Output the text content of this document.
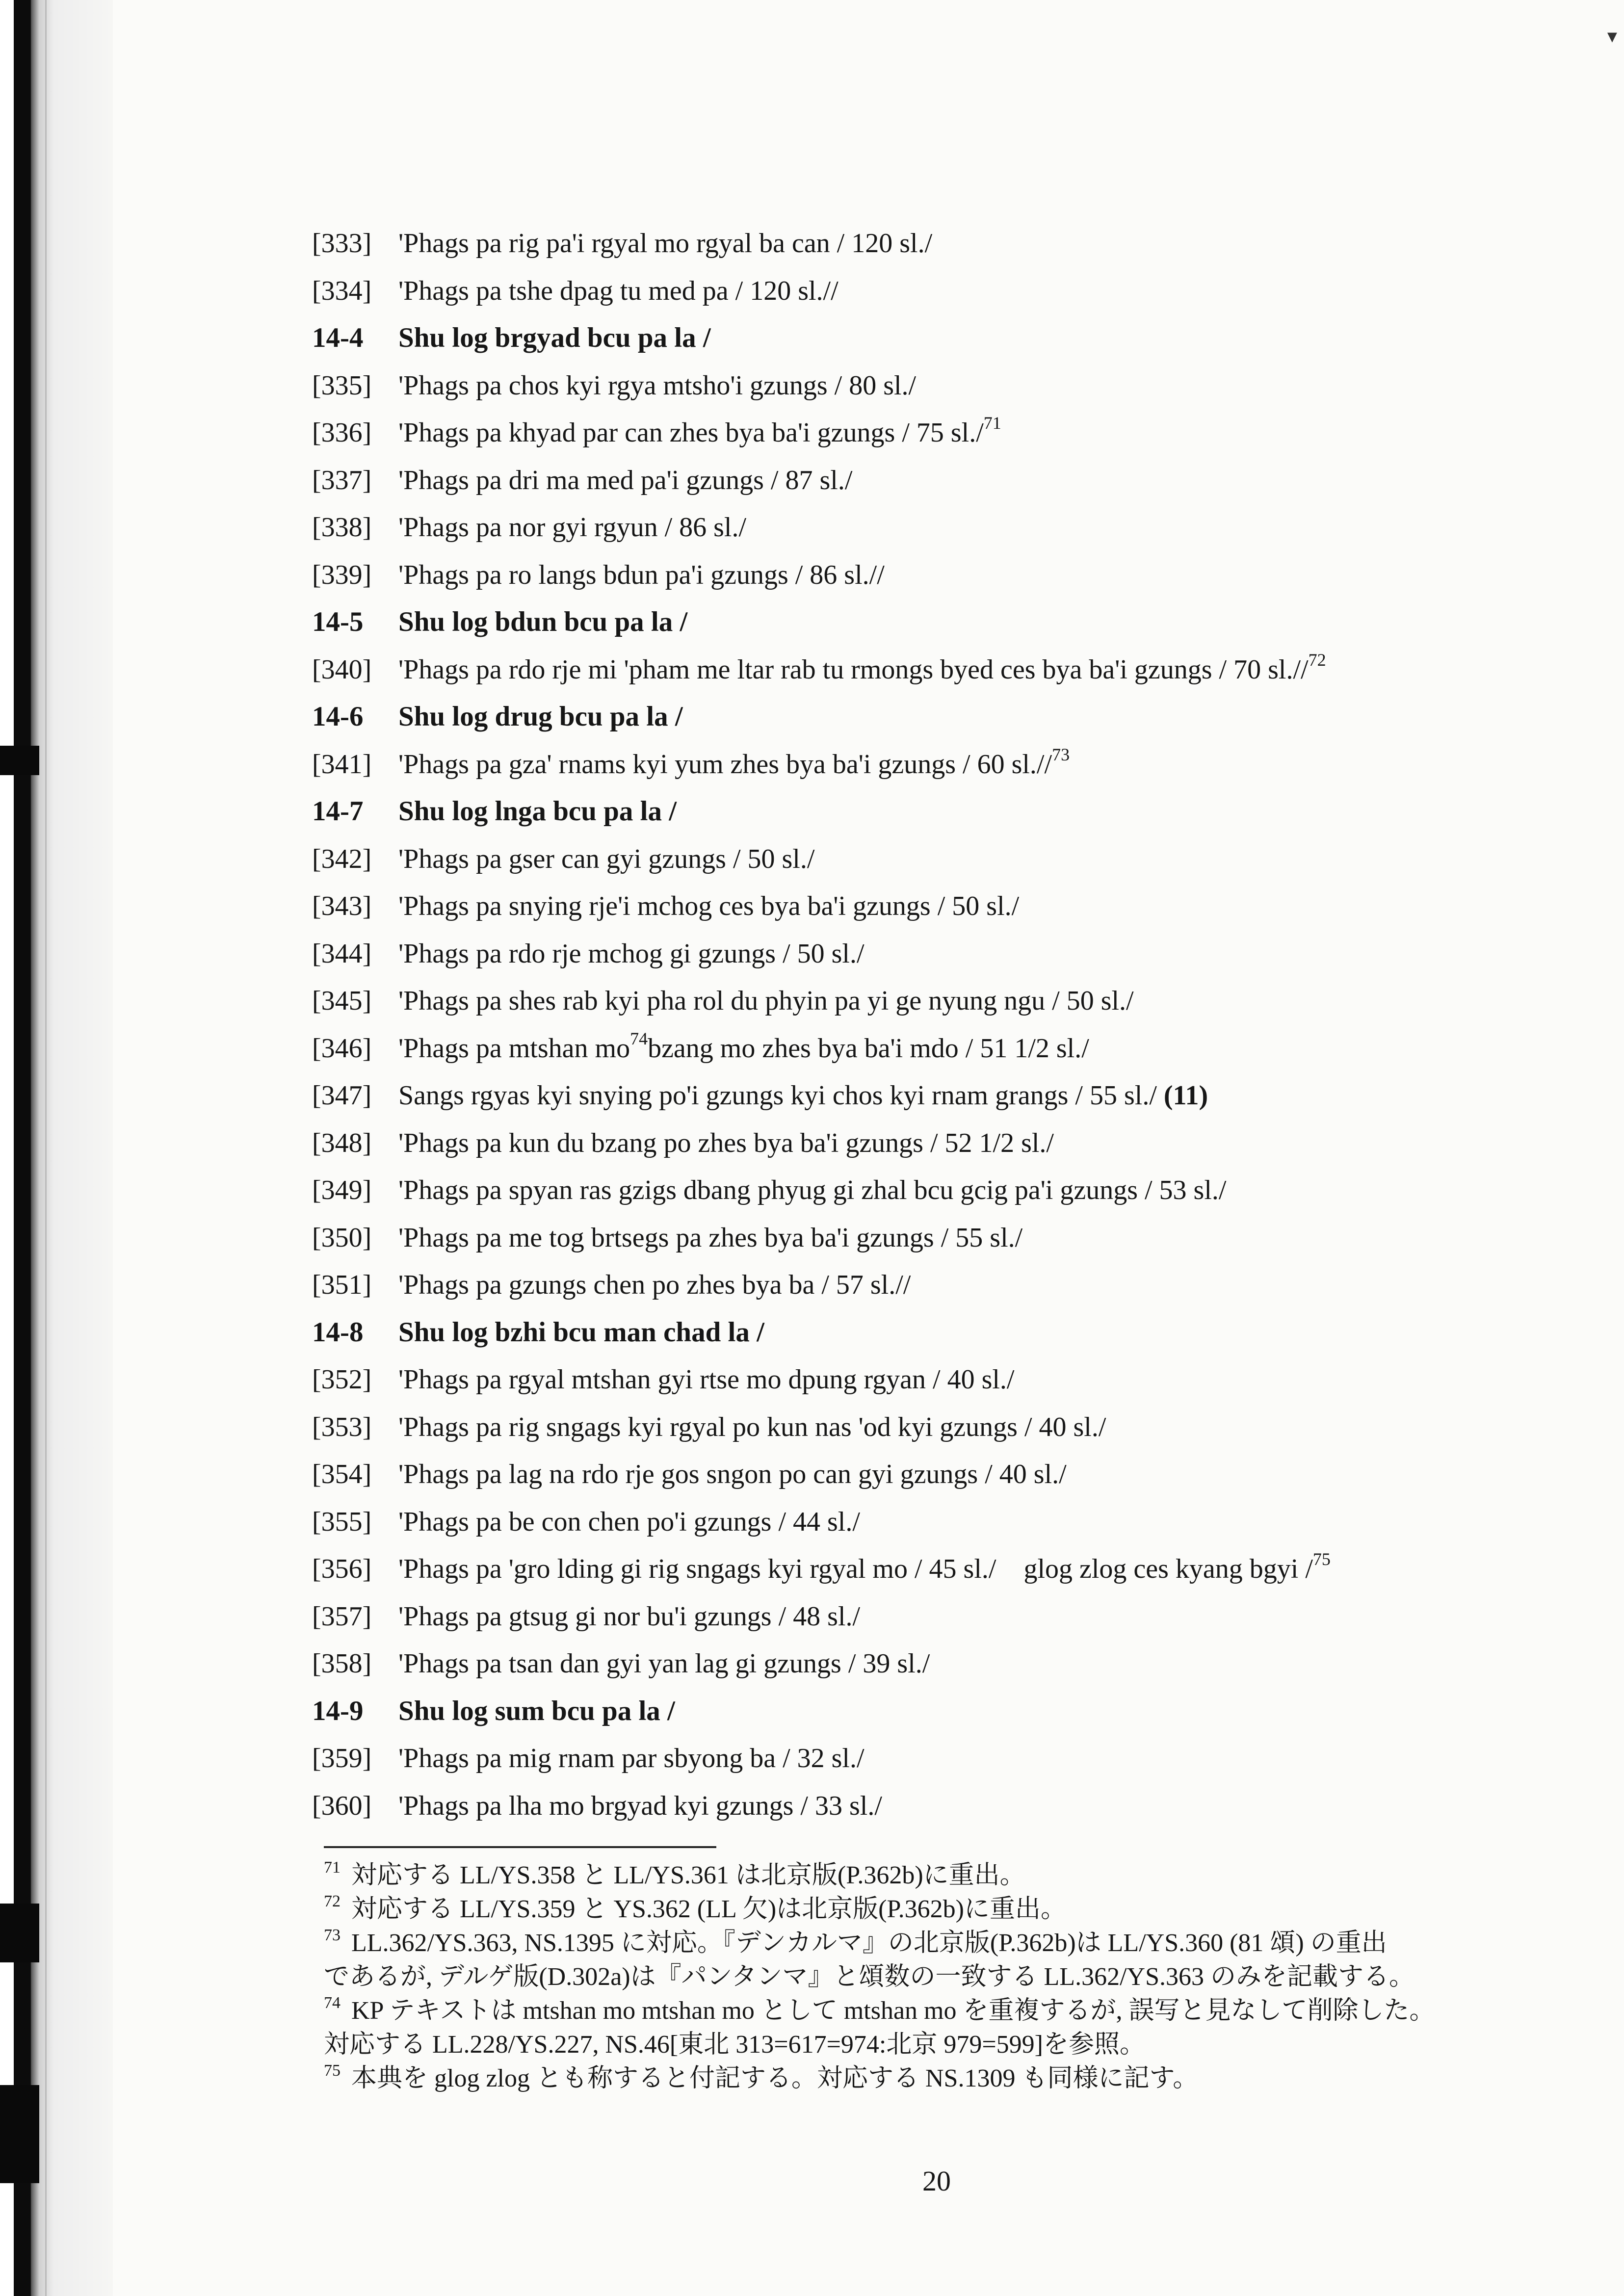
▾
[333] 'Phags pa rig pa'i rgyal mo rgyal ba can / 120 sl./
[334] 'Phags pa tshe dpag tu med pa / 120 sl.//
14-4 Shu log brgyad bcu pa la /
[335] 'Phags pa chos kyi rgya mtsho'i gzungs / 80 sl./
[336] 'Phags pa khyad par can zhes bya ba'i gzungs / 75 sl./$^{71}$
[337] 'Phags pa dri ma med pa'i gzungs / 87 sl./
[338] 'Phags pa nor gyi rgyun / 86 sl./
[339] 'Phags pa ro langs bdun pa'i gzungs / 86 sl.//
14-5 Shu log bdun bcu pa la /
[340] 'Phags pa rdo rje mi 'pham me ltar rab tu rmongs byed ces bya ba'i gzungs / 70 sl.//$^{72}$
14-6 Shu log drug bcu pa la /
[341] 'Phags pa gza' rnams kyi yum zhes bya ba'i gzungs / 60 sl.//$^{73}$
14-7 Shu log lnga bcu pa la /
[342] 'Phags pa gser can gyi gzungs / 50 sl./
[343] 'Phags pa snying rje'i mchog ces bya ba'i gzungs / 50 sl./
[344] 'Phags pa rdo rje mchog gi gzungs / 50 sl./
[345] 'Phags pa shes rab kyi pha rol du phyin pa yi ge nyung ngu / 50 sl./
[346] 'Phags pa mtshan $mo^{74}bzang$ mo zhes bya ba'i mdo / 51 1/2 sl./
[347] Sangs rgyas kyi snying po'i gzungs kyi chos kyi rnam grangs / 55 sl./ (11)
[348] 'Phags pa kun du bzang po zhes bya ba'i gzungs / 52 1/2 sl./
[349] 'Phags pa spyan ras gzigs dbang phyug gi zhal bcu gcig pa'i gzungs / 53 sl./
[350] 'Phags pa me tog brtsegs pa zhes bya ba'i gzungs / 55 sl./
[351] 'Phags pa gzungs chen po zhes bya ba / 57 sl.//
14-8 Shu log bzhi bcu man chad la /
[352] 'Phags pa rgyal mtshan gyi rtse mo dpung rgyan / 40 sl./
[353] 'Phags pa rig sngags kyi rgyal po kun nas 'od kyi gzungs / 40 sl./
[354] 'Phags pa lag na rdo rje gos sngon po can gyi gzungs / 40 sl./
[355] 'Phags pa be con chen po'i gzungs / 44 sl./
[356] 'Phags pa 'gro lding gi rig sngags kyi rgyal mo / 45 sl./    glog zlog ces kyang bgyi /$^{75}$
[357] 'Phags pa gtsug gi nor bu'i gzungs / 48 sl./
[358] 'Phags pa tsan dan gyi yan lag gi gzungs / 39 sl./
14-9 Shu log sum bcu pa la /
[359] 'Phags pa mig rnam par sbyong ba / 32 sl./
[360] 'Phags pa lha mo brgyad kyi gzungs / 33 sl./
$^{71}$ 対応する LL/YS.358 と LL/YS.361 は北京版(P.362b)に重出。
$^{72}$ 対応する LL/YS.359 と YS.362 (LL 欠)は北京版(P.362b)に重出。
$^{73}$ LL.362/YS.363, NS.1395 に対応。『デンカルマ』の北京版(P.362b)は LL/YS.360 (81 頌) の重出
であるが, デルゲ版(D.302a)は『パンタンマ』と頌数の一致する LL.362/YS.363 のみを記載する。
$^{74}$ KP テキストは mtshan mo mtshan mo として mtshan mo を重複するが, 誤写と見なして削除した。
対応する LL.228/YS.227, NS.46[東北 313=617=974:北京 979=599]を参照。
$^{75}$ 本典を glog zlog とも称すると付記する。対応する NS.1309 も同様に記す。
20
